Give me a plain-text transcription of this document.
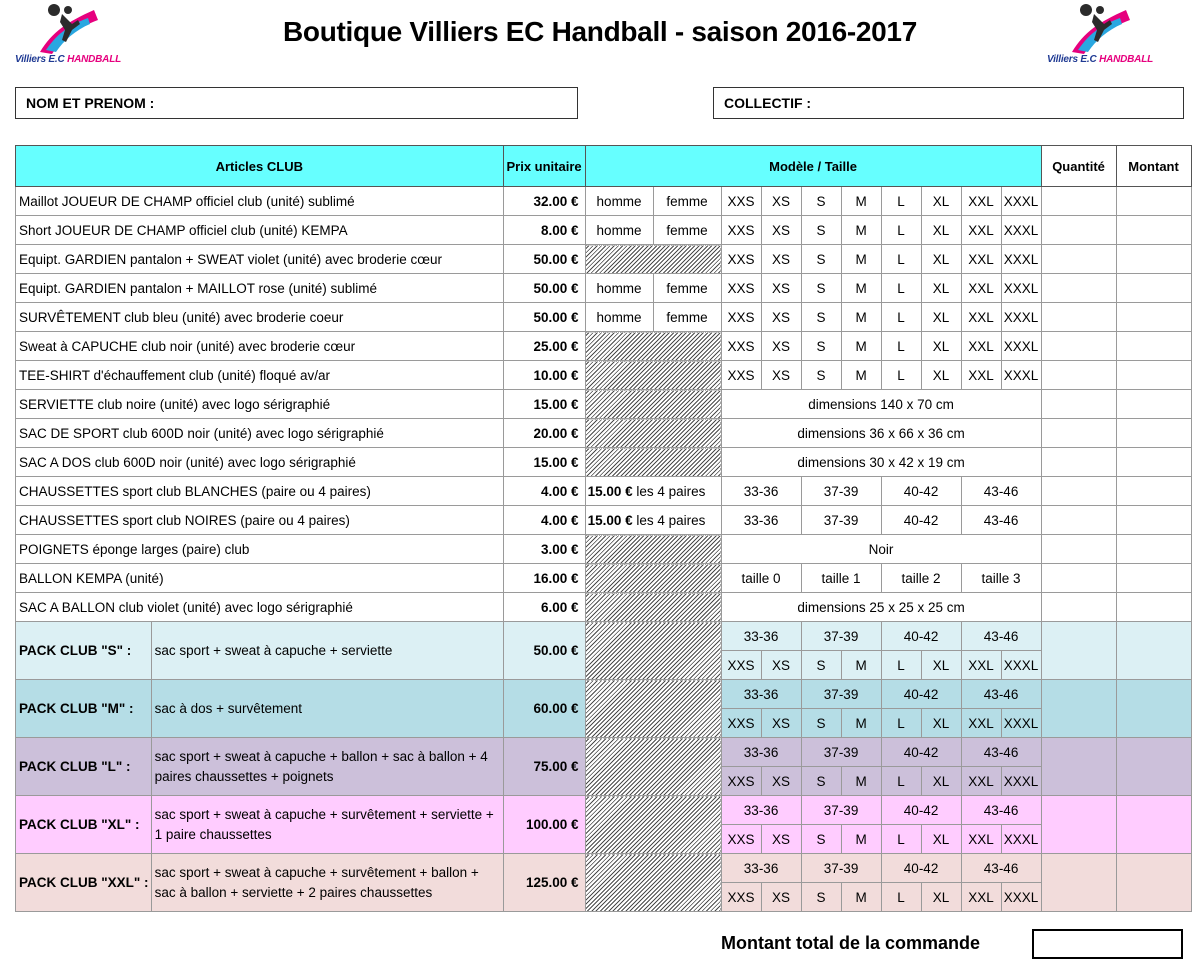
Villiers E.C HANDBALL	Villiers E.C HANDBALL
Boutique Villiers EC Handball - saison 2016-2017
NOM ET PRENOM :	COLLECTIF :
Articles CLUB		Prix unitaire	Modèle / Taille										Quantité	Montant
Maillot JOUEUR DE CHAMP officiel club (unité) sublimé		32.00 €	homme	femme	XXS	XS	S	M	L	XL	XXL	XXXL		
Short JOUEUR DE CHAMP officiel club (unité) KEMPA		8.00 €	homme	femme	XXS	XS	S	M	L	XL	XXL	XXXL		
Equipt. GARDIEN pantalon + SWEAT violet (unité) avec broderie cœur		50.00 €			XXS	XS	S	M	L	XL	XXL	XXXL		
Equipt. GARDIEN pantalon + MAILLOT rose (unité) sublimé		50.00 €	homme	femme	XXS	XS	S	M	L	XL	XXL	XXXL		
SURVÊTEMENT club bleu (unité) avec broderie coeur		50.00 €	homme	femme	XXS	XS	S	M	L	XL	XXL	XXXL		
Sweat à CAPUCHE club noir (unité) avec broderie cœur		25.00 €			XXS	XS	S	M	L	XL	XXL	XXXL		
TEE-SHIRT d'échauffement club (unité) floqué av/ar		10.00 €			XXS	XS	S	M	L	XL	XXL	XXXL		
SERVIETTE club noire (unité) avec logo sérigraphié		15.00 €			dimensions 140 x 70 cm									
SAC DE SPORT club 600D noir (unité) avec logo sérigraphié		20.00 €			dimensions 36 x 66 x 36 cm									
SAC A DOS club 600D noir (unité) avec logo sérigraphié		15.00 €			dimensions 30 x 42 x 19 cm									
CHAUSSETTES sport club BLANCHES (paire ou 4 paires)		4.00 €	15.00 € les 4 paires		33-36		37-39		40-42		43-46			
CHAUSSETTES sport club NOIRES (paire ou 4 paires)		4.00 €	15.00 € les 4 paires		33-36		37-39		40-42		43-46			
POIGNETS éponge larges (paire) club		3.00 €			Noir									
BALLON KEMPA (unité)		16.00 €			taille 0		taille 1		taille 2		taille 3			
SAC A BALLON club violet (unité) avec logo sérigraphié		6.00 €			dimensions 25 x 25 x 25 cm									
PACK CLUB "S" :	sac sport + sweat à capuche + serviette	50.00 €			33-36		37-39		40-42		43-46			
					XXS	XS	S	M	L	XL	XXL	XXXL		
PACK CLUB "M" :	sac à dos + survêtement	60.00 €			33-36		37-39		40-42		43-46			
					XXS	XS	S	M	L	XL	XXL	XXXL		
PACK CLUB "L" :	sac sport + sweat à capuche + ballon + sac à ballon + 4 paires chaussettes + poignets	75.00 €			33-36		37-39		40-42		43-46			
					XXS	XS	S	M	L	XL	XXL	XXXL		
PACK CLUB "XL" :	sac sport + sweat à capuche + survêtement + serviette + 1 paire chaussettes	100.00 €			33-36		37-39		40-42		43-46			
					XXS	XS	S	M	L	XL	XXL	XXXL		
PACK CLUB "XXL" :	sac sport + sweat à capuche + survêtement + ballon + sac à ballon + serviette + 2 paires chaussettes	125.00 €			33-36		37-39		40-42		43-46			
					XXS	XS	S	M	L	XL	XXL	XXXL		
Montant total de la commande
